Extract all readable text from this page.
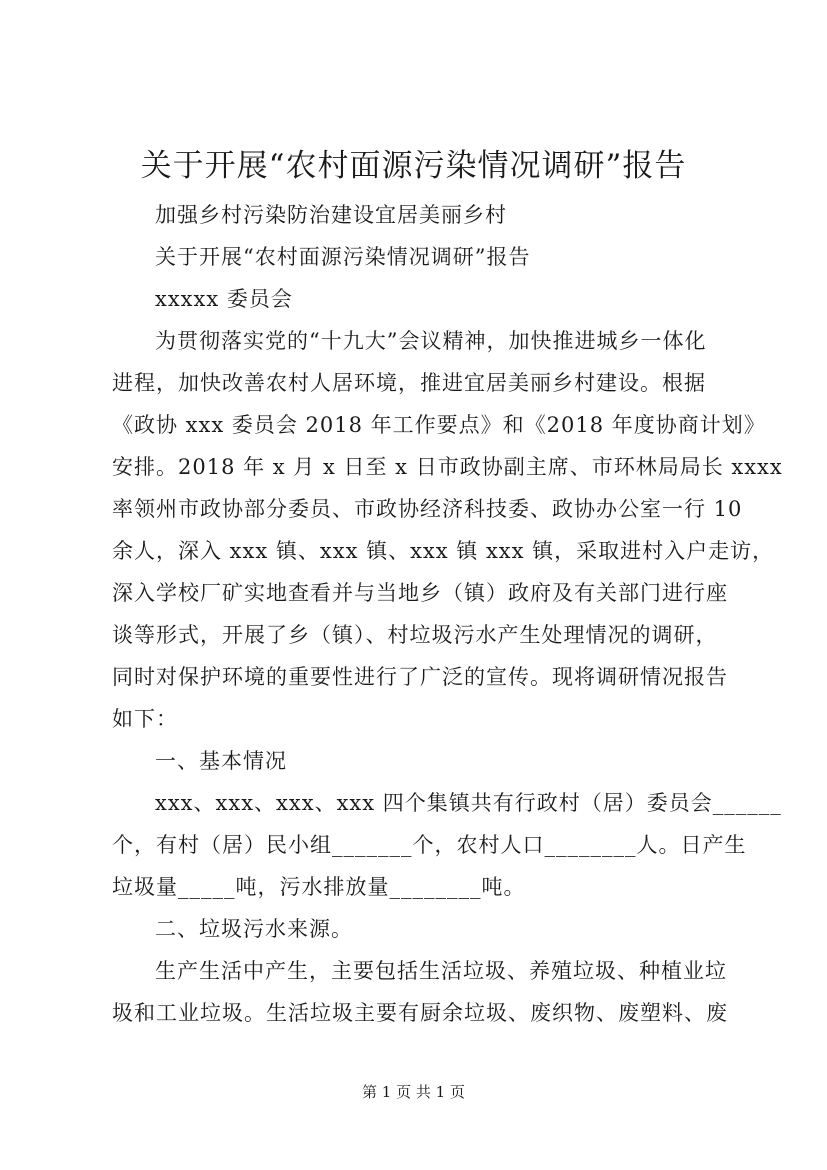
关于开展“农村面源污染情况调研”报告
加强乡村污染防治建设宜居美丽乡村
关于开展“农村面源污染情况调研”报告
xxxxx 委员会
为贯彻落实党的“十九大”会议精神，加快推进城乡一体化
进程，加快改善农村人居环境，推进宜居美丽乡村建设。根据
《政协 xxx 委员会 2018 年工作要点》和《2018 年度协商计划》
安排。2018 年 x 月 x 日至 x 日市政协副主席、市环林局局长 xxxx
率领州市政协部分委员、市政协经济科技委、政协办公室一行 10
余人，深入 xxx 镇、xxx 镇、xxx 镇 xxx 镇，采取进村入户走访，
深入学校厂矿实地查看并与当地乡（镇）政府及有关部门进行座
谈等形式，开展了乡（镇）、村垃圾污水产生处理情况的调研，
同时对保护环境的重要性进行了广泛的宣传。现将调研情况报告
如下：
一、基本情况
xxx、xxx、xxx、xxx 四个集镇共有行政村（居）委员会______
个，有村（居）民小组_______个，农村人口________人。日产生
垃圾量_____吨，污水排放量________吨。
二、垃圾污水来源。
生产生活中产生，主要包括生活垃圾、养殖垃圾、种植业垃
圾和工业垃圾。生活垃圾主要有厨余垃圾、废织物、废塑料、废
第 1 页 共 1 页
